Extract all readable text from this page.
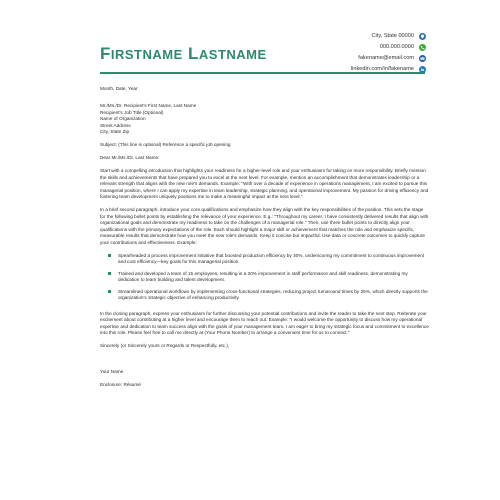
FIRSTNAME LASTNAME
City, State 00000
000.000.0000
fakename@email.com
linkedin.com/in/fakename

Month, Date, Year

Mr./Ms./Dr. Recipient's First Name, Last Name

Recipient's Job Title (Optional)

Name of Organization

Street Address

City, State Zip

Subject: (This line is optional) Reference a specific job opening

Dear Mr./Ms./Dr. Last Name:

Start with a compelling introduction that highlights your readiness for a higher-level role and your enthusiasm for taking on more responsibility. Briefly mention the skills and achievements that have prepared you to excel at the next level. For example, mention an accomplishment that demonstrates leadership or a relevant strength that aligns with the new role's demands. Example: "With over a decade of experience in operations management, I am excited to pursue this managerial position, where I can apply my expertise in team leadership, strategic planning, and operational improvement. My passion for driving efficiency and fostering team development uniquely positions me to make a meaningful impact at the next level."

In a brief second paragraph, introduce your core qualifications and emphasize how they align with the key responsibilities of the position. This sets the stage for the following bullet points by establishing the relevance of your experience. E.g.: "Throughout my career, I have consistently delivered results that align with organizational goals and demonstrate my readiness to take on the challenges of a managerial role." Then, use three bullet points to directly align your qualifications with the primary expectations of the role. Each should highlight a major skill or achievement that matches the role and emphasize specific, measurable results that demonstrate how you meet the new role's demands. Keep it concise but impactful. Use data or concrete outcomes to quickly capture your contributions and effectiveness. Example:

Spearheaded a process improvement initiative that boosted production efficiency by 30%, underscoring my commitment to continuous improvement and cost efficiency—key goals for this managerial position.
Trained and developed a team of 15 employees, resulting in a 20% improvement in staff performance and skill readiness, demonstrating my dedication to team building and talent development.
Streamlined operational workflows by implementing cross-functional strategies, reducing project turnaround times by 25%, which directly supports the organization's strategic objective of enhancing productivity.

In the closing paragraph, express your enthusiasm for further discussing your potential contributions and invite the reader to take the next step. Reiterate your excitement about contributing at a higher level and encourage them to reach out. Example: "I would welcome the opportunity to discuss how my operational expertise and dedication to team success align with the goals of your management team. I am eager to bring my strategic focus and commitment to excellence into this role. Please feel free to call me directly at (Your Phone Number) to arrange a convenient time for us to connect."

Sincerely (or Sincerely yours or Regards or Respectfully, etc.),

Your Name

Enclosure: Résumé
